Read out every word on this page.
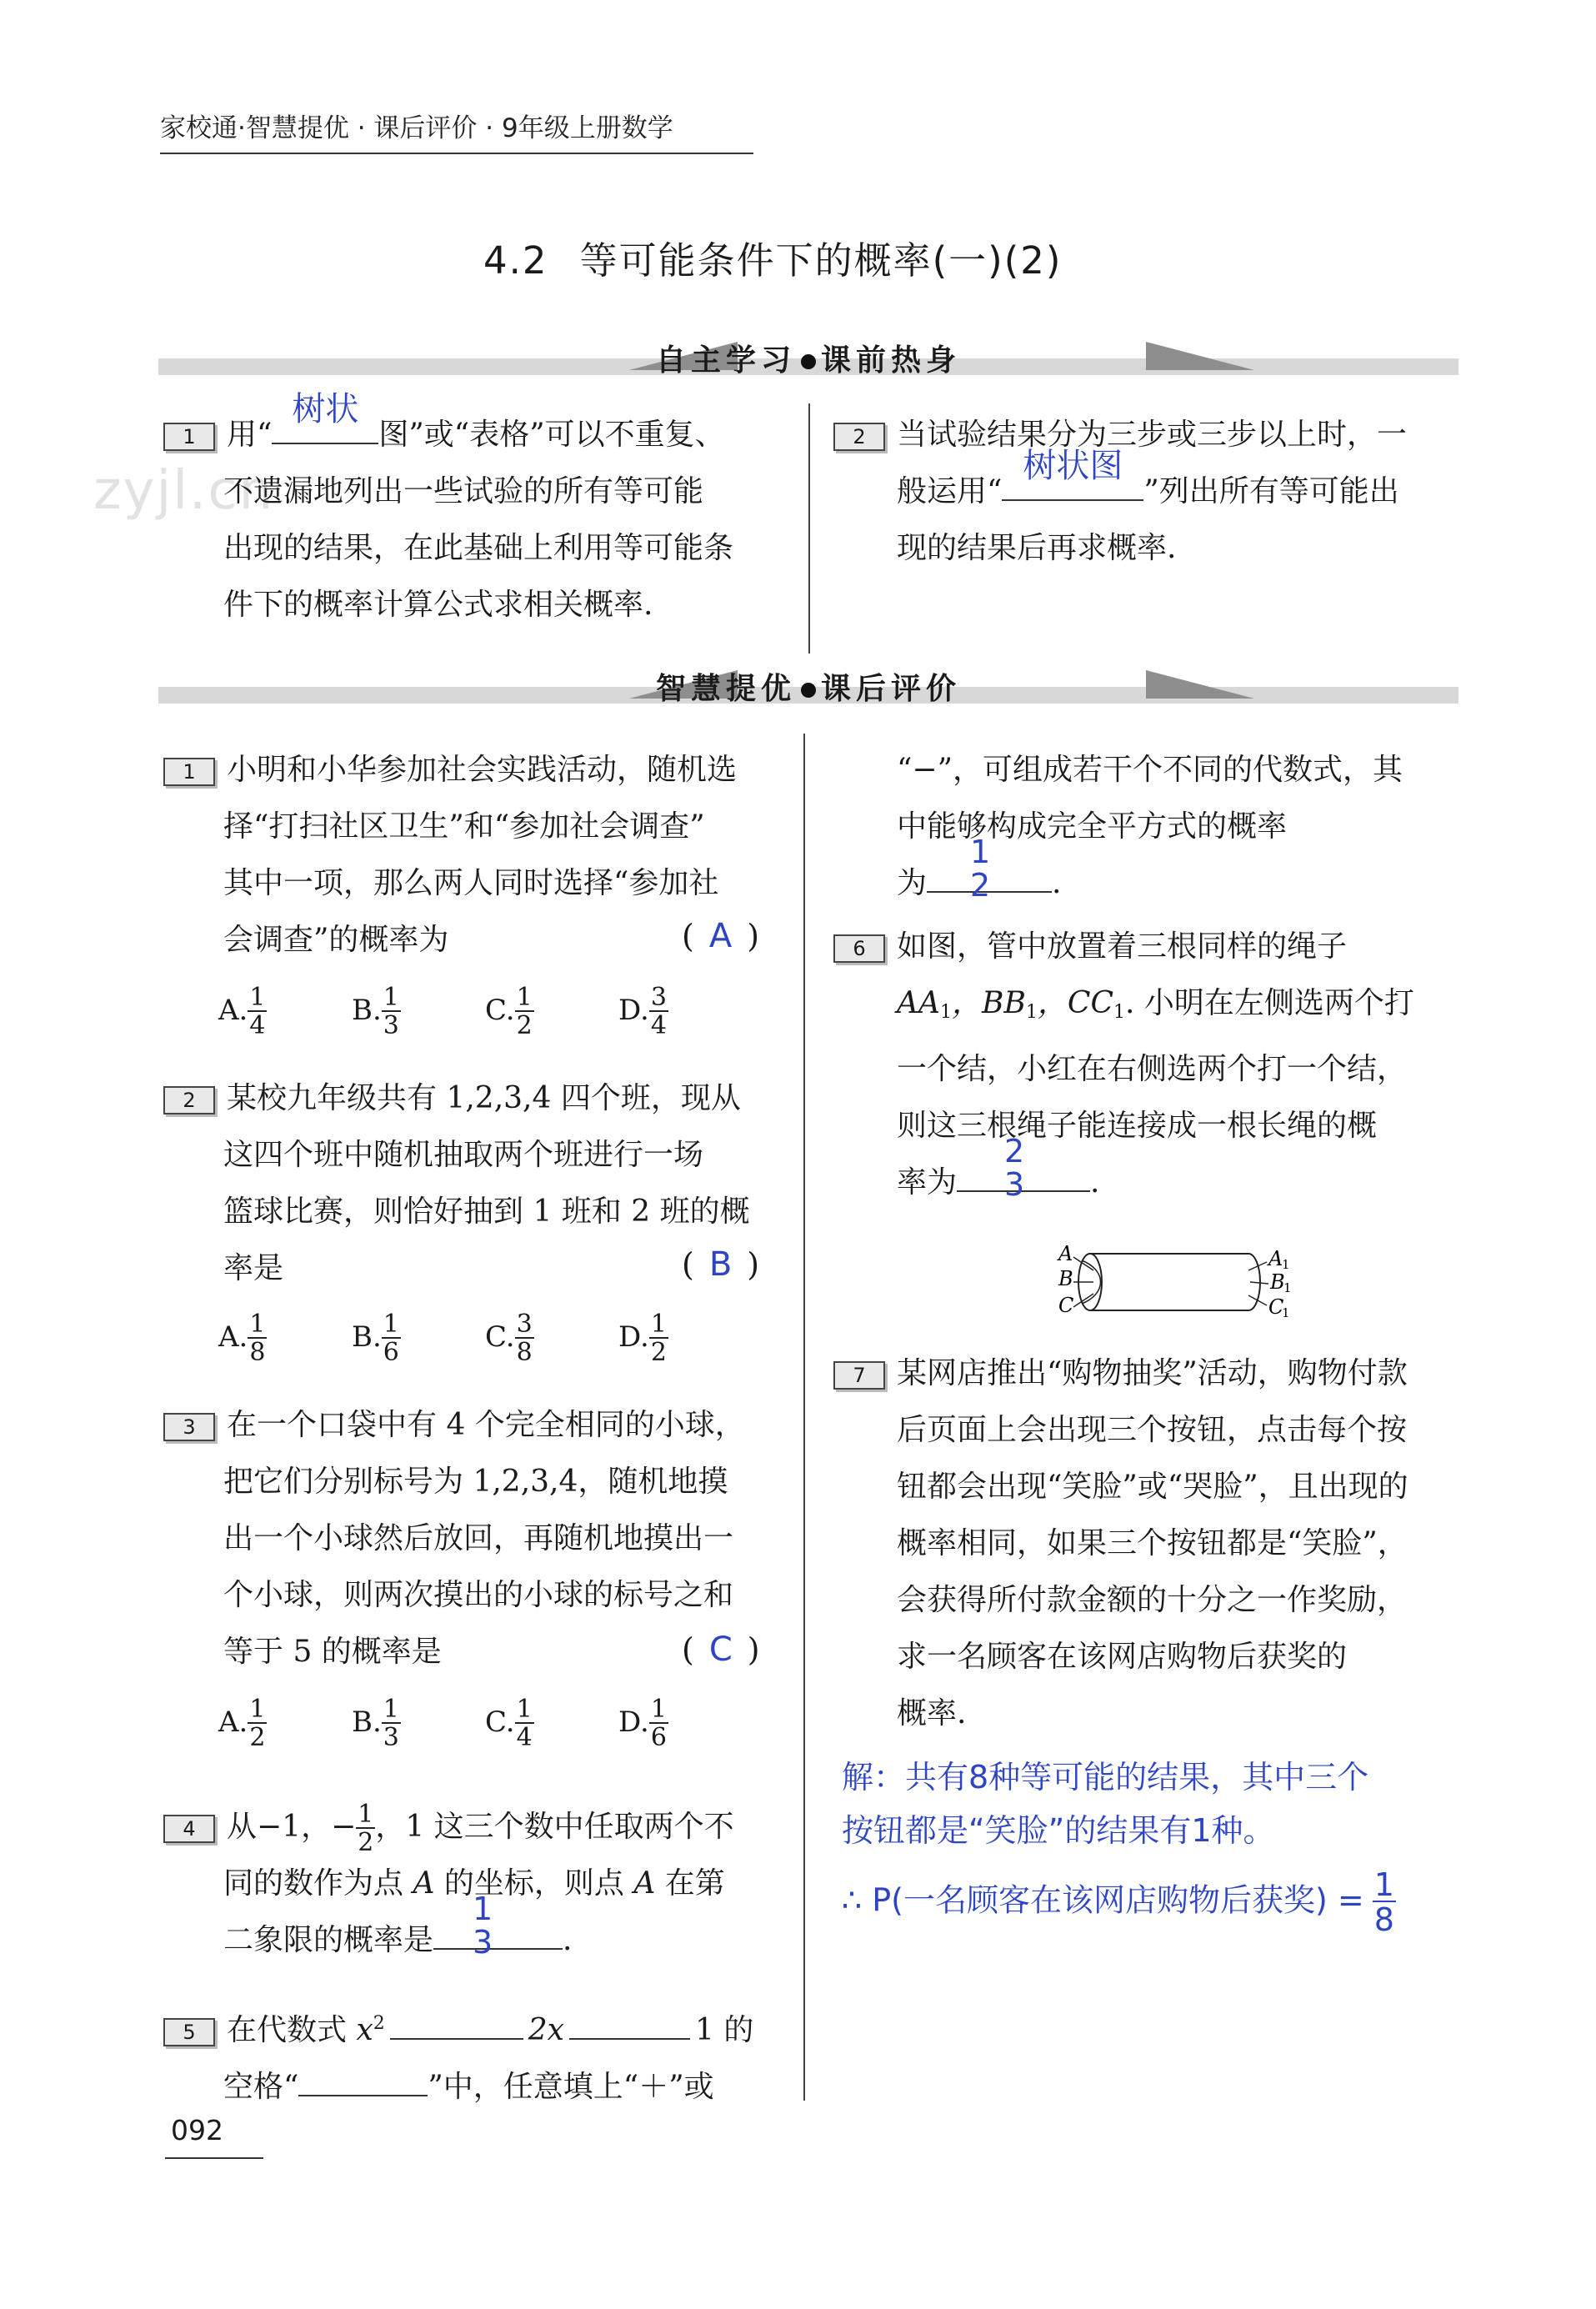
家校通·智慧提优 · 课后评价 · 9年级上册数学
zyjl.cn
4.2 等可能条件下的概率(一)(2)
自主学习 课前热身
1 用“
树状
图”或“表格”可以不重复、
不遗漏地列出一些试验的所有等可能
出现的结果，在此基础上利用等可能条
件下的概率计算公式求相关概率.
2 当试验结果分为三步或三步以上时，一
般运用“
树状图
”列出所有等可能出
现的结果后再求概率.
智慧提优 课后评价
1 小明和小华参加社会实践活动，随机选
择“打扫社区卫生”和“参加社会调查”
其中一项，那么两人同时选择“参加社
会调查”的概率为	( A )
A. $\frac{1}{4}$	B. $\frac{1}{3}$	C. $\frac{1}{2}$	D. $\frac{3}{4}$
2 某校九年级共有 1,2,3,4 四个班，现从
这四个班中随机抽取两个班进行一场
篮球比赛，则恰好抽到 1 班和 2 班的概
率是	( B )
A. $\frac{1}{8}$	B. $\frac{1}{6}$	C. $\frac{3}{8}$	D. $\frac{1}{2}$
3 在一个口袋中有 4 个完全相同的小球，
把它们分别标号为 1,2,3,4，随机地摸
出一个小球然后放回，再随机地摸出一
个小球，则两次摸出的小球的标号之和
等于 5 的概率是	( C )
A. $\frac{1}{2}$	B. $\frac{1}{3}$	C. $\frac{1}{4}$	D. $\frac{1}{6}$
4 从−1，− $\frac{1}{2}$ ，1 这三个数中任取两个不
同的数作为点 A 的坐标，则点 A 在第
二象限的概率是
1
3 .
5 在代数式 $x^2$	2x	1 的
空格“	”中，任意填上“＋”或
“−”，可组成若干个不同的代数式，其
中能够构成完全平方式的概率
为
1
2 .
6 如图，管中放置着三根同样的绳子
$AA_1$，$BB_1$，$CC_1$. 小明在左侧选两个打
一个结，小红在右侧选两个打一个结，
则这三根绳子能连接成一根长绳的概
率为
2
3 .
A
B
C
A
1
B
1
C
1
7 某网店推出“购物抽奖”活动，购物付款
后页面上会出现三个按钮，点击每个按
钮都会出现“笑脸”或“哭脸”，且出现的
概率相同，如果三个按钮都是“笑脸”，
会获得所付款金额的十分之一作奖励，
求一名顾客在该网店购物后获奖的
概率.
解：共有8种等可能的结果，其中三个
按钮都是“笑脸”的结果有1种。
∴ P(一名顾客在该网店购物后获奖) = $\frac{1}{8}$
092
